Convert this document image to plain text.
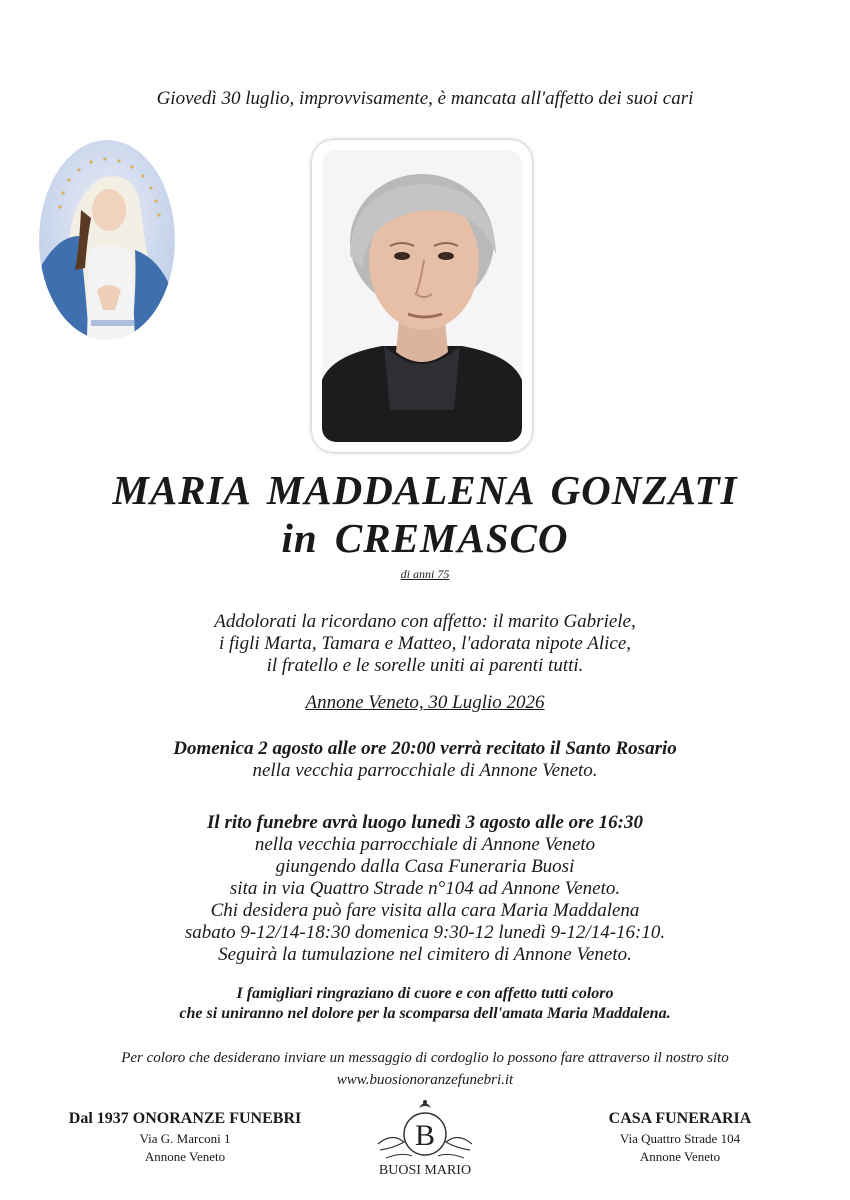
Giovedì 30 luglio, improvvisamente, è mancata all'affetto dei suoi cari
MARIA MADDALENA GONZATI
in CREMASCO
di anni 75
Addolorati la ricordano con affetto: il marito Gabriele,
i figli Marta, Tamara e Matteo, l'adorata nipote Alice,
il fratello e le sorelle uniti ai parenti tutti.
Annone Veneto, 30 Luglio 2026
Domenica 2 agosto alle ore 20:00 verrà recitato il Santo Rosario
nella vecchia parrocchiale di Annone Veneto.
Il rito funebre avrà luogo lunedì 3 agosto alle ore 16:30
nella vecchia parrocchiale di Annone Veneto
giungendo dalla Casa Funeraria Buosi
sita in via Quattro Strade n°104 ad Annone Veneto.
Chi desidera può fare visita alla cara Maria Maddalena
sabato 9-12/14-18:30 domenica 9:30-12 lunedì 9-12/14-16:10.
Seguirà la tumulazione nel cimitero di Annone Veneto.
I famigliari ringraziano di cuore e con affetto tutti coloro
che si uniranno nel dolore per la scomparsa dell'amata Maria Maddalena.
Per coloro che desiderano inviare un messaggio di cordoglio lo possono fare attraverso il nostro sito
www.buosionoranzefunebri.it
Dal 1937 ONORANZE FUNEBRI
Via G. Marconi 1
Annone Veneto
B
BUOSI MARIO
CASA FUNERARIA
Via Quattro Strade 104
Annone Veneto
